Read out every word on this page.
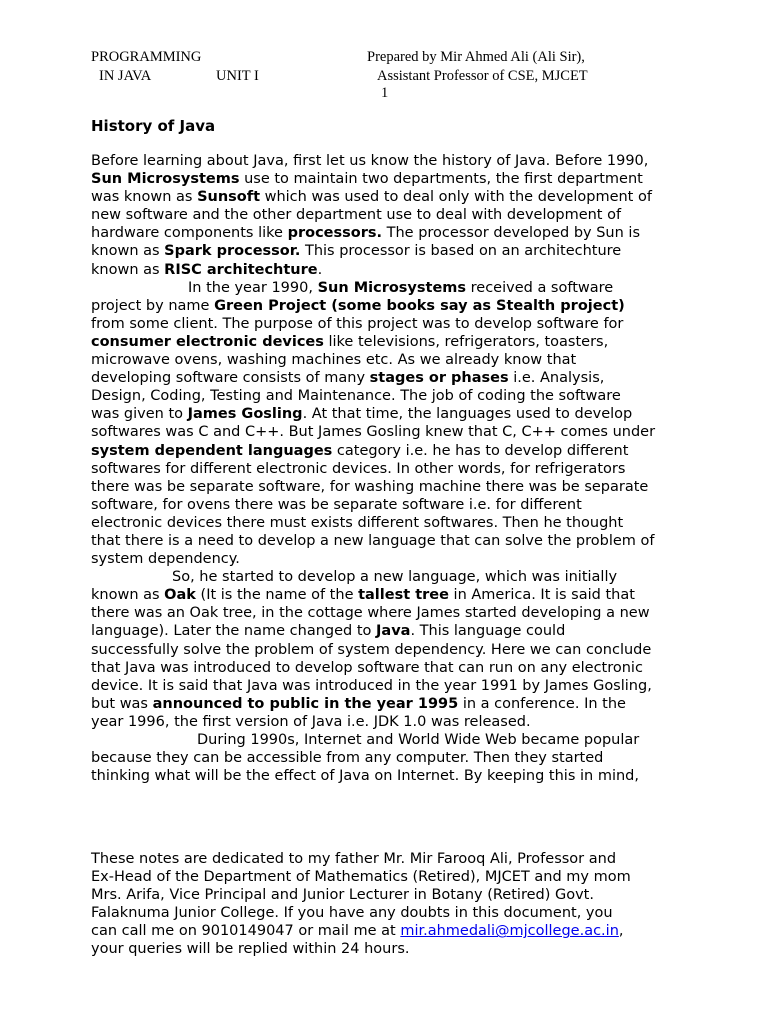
PROGRAMMING
IN JAVA	UNIT I
Prepared by Mir Ahmed Ali (Ali Sir),
Assistant Professor of CSE, MJCET
1
History of Java
Before learning about Java, first let us know the history of Java. Before 1990,
Sun Microsystems use to maintain two departments, the first department
was known as Sunsoft which was used to deal only with the development of
new software and the other department use to deal with development of
hardware components like processors. The processor developed by Sun is
known as Spark processor. This processor is based on an architechture
known as RISC architechture.
In the year 1990, Sun Microsystems received a software
project by name Green Project (some books say as Stealth project)
from some client. The purpose of this project was to develop software for
consumer electronic devices like televisions, refrigerators, toasters,
microwave ovens, washing machines etc. As we already know that
developing software consists of many stages or phases i.e. Analysis,
Design, Coding, Testing and Maintenance. The job of coding the software
was given to James Gosling. At that time, the languages used to develop
softwares was C and C++. But James Gosling knew that C, C++ comes under
system dependent languages category i.e. he has to develop different
softwares for different electronic devices. In other words, for refrigerators
there was be separate software, for washing machine there was be separate
software, for ovens there was be separate software i.e. for different
electronic devices there must exists different softwares. Then he thought
that there is a need to develop a new language that can solve the problem of
system dependency.
So, he started to develop a new language, which was initially
known as Oak (It is the name of the tallest tree in America. It is said that
there was an Oak tree, in the cottage where James started developing a new
language). Later the name changed to Java. This language could
successfully solve the problem of system dependency. Here we can conclude
that Java was introduced to develop software that can run on any electronic
device. It is said that Java was introduced in the year 1991 by James Gosling,
but was announced to public in the year 1995 in a conference. In the
year 1996, the first version of Java i.e. JDK 1.0 was released.
During 1990s, Internet and World Wide Web became popular
because they can be accessible from any computer. Then they started
thinking what will be the effect of Java on Internet. By keeping this in mind,
These notes are dedicated to my father Mr. Mir Farooq Ali, Professor and
Ex-Head of the Department of Mathematics (Retired), MJCET and my mom
Mrs. Arifa, Vice Principal and Junior Lecturer in Botany (Retired) Govt.
Falaknuma Junior College. If you have any doubts in this document, you
can call me on 9010149047 or mail me at mir.ahmedali@mjcollege.ac.in,
your queries will be replied within 24 hours.
